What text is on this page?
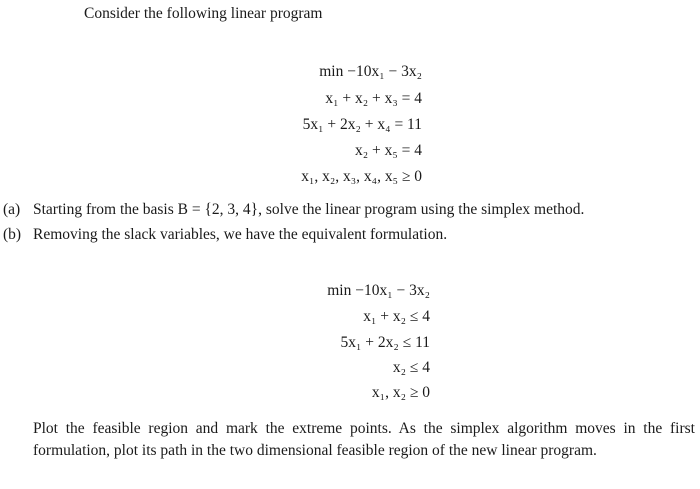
Consider the following linear program
min −10x₁ − 3x₂
x₁ + x₂ + x₃ = 4
5x₁ + 2x₂ + x₄ = 11
x₂ + x₅ = 4
x₁, x₂, x₃, x₄, x₅ ≥ 0
(a) Starting from the basis B = {2, 3, 4}, solve the linear program using the simplex method.
(b) Removing the slack variables, we have the equivalent formulation.
min −10x₁ − 3x₂
x₁ + x₂ ≤ 4
5x₁ + 2x₂ ≤ 11
x₂ ≤ 4
x₁, x₂ ≥ 0
Plot the feasible region and mark the extreme points. As the simplex algorithm moves in the first formulation, plot its path in the two dimensional feasible region of the new linear program.
